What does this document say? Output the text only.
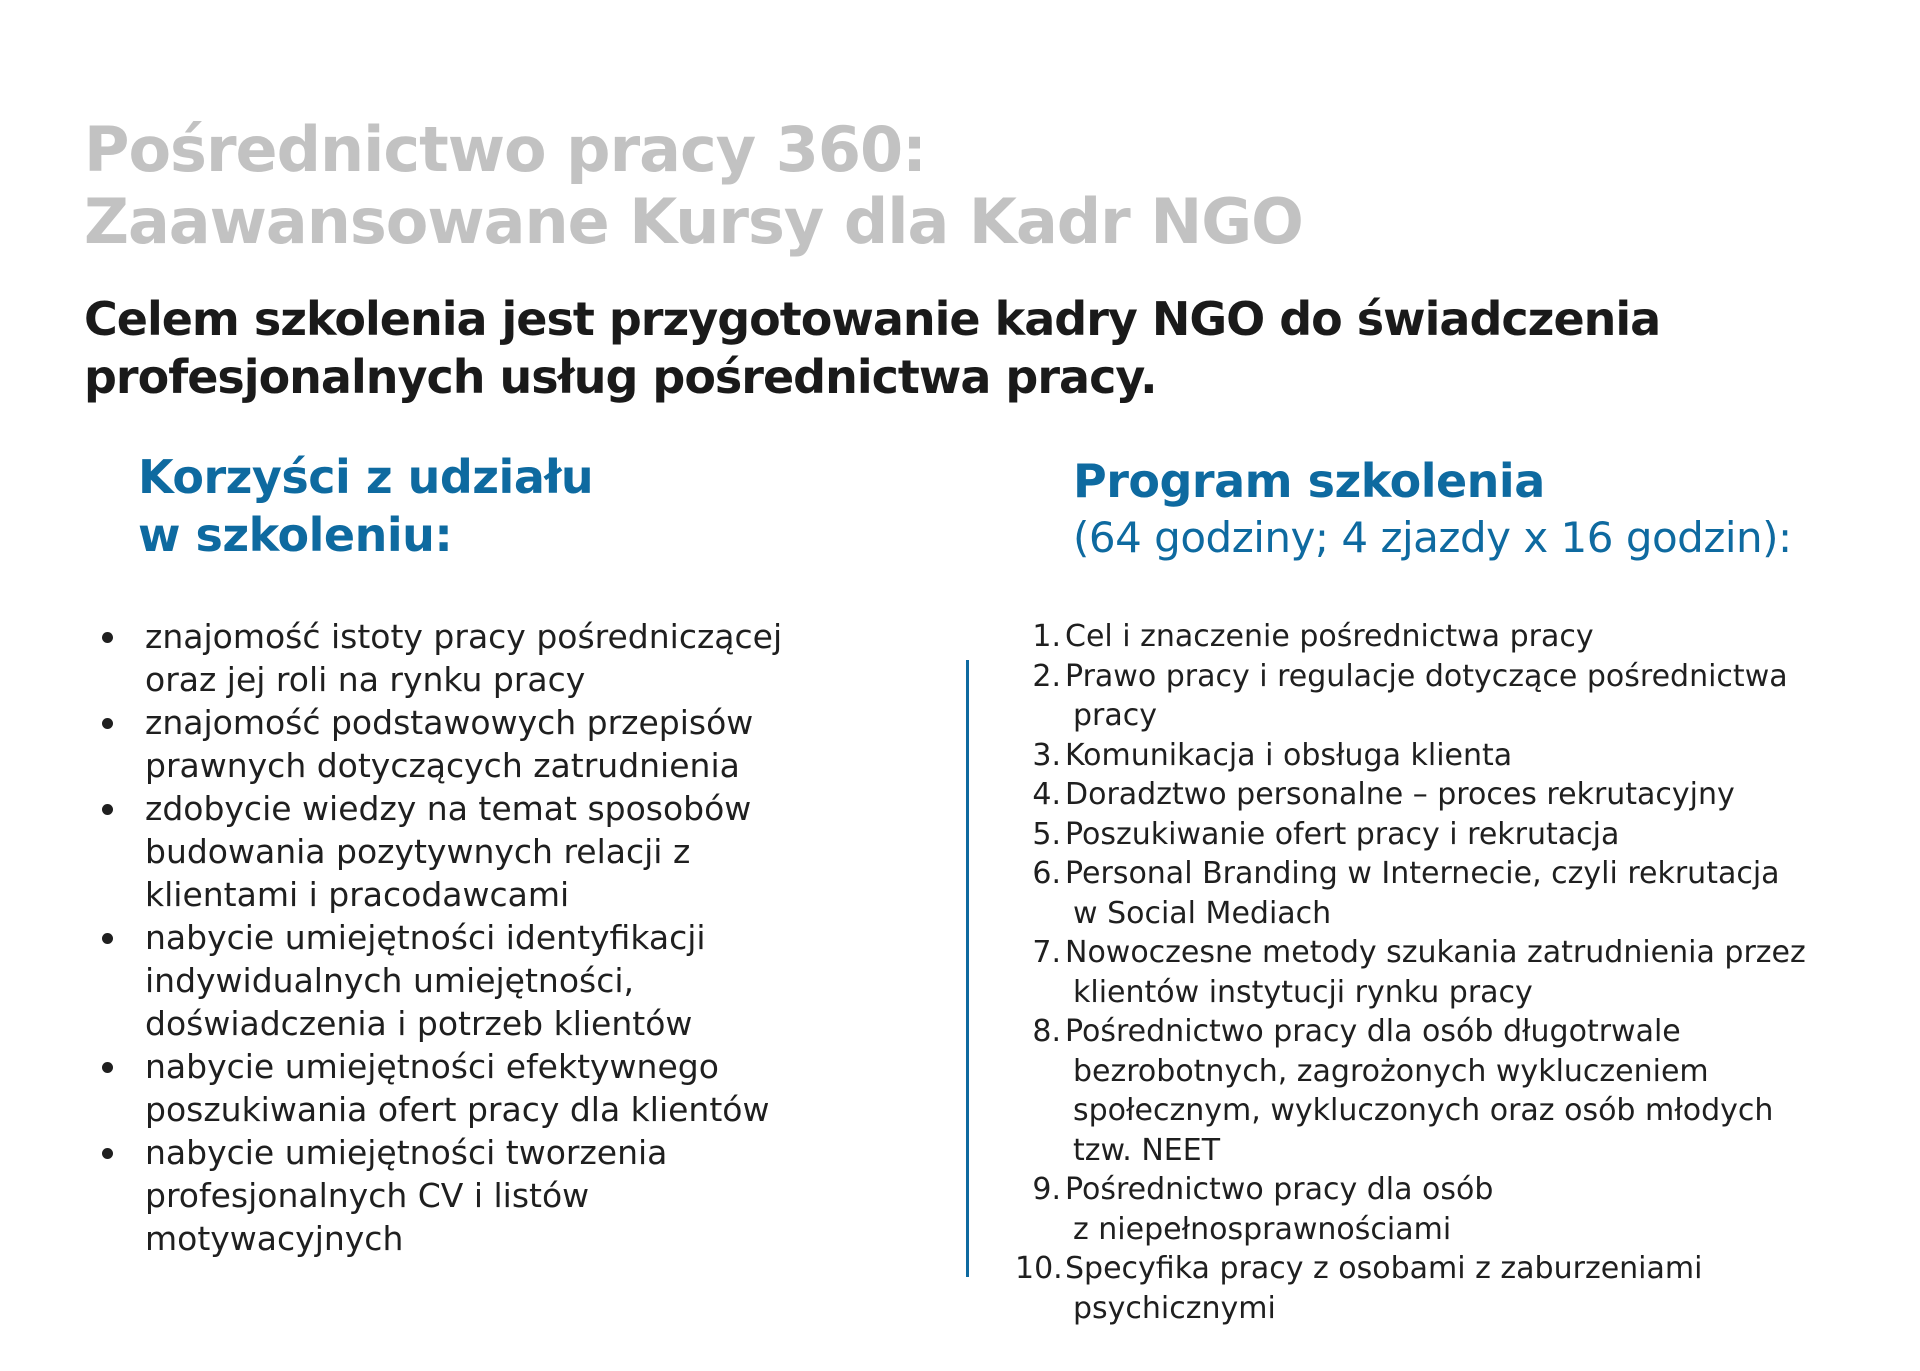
Pośrednictwo pracy 360:
Zaawansowane Kursy dla Kadr NGO
Celem szkolenia jest przygotowanie kadry NGO do świadczenia
profesjonalnych usług pośrednictwa pracy.
Korzyści z udziału
w szkoleniu:
Program szkolenia
(64 godziny; 4 zjazdy x 16 godzin):
znajomość istoty pracy pośredniczącej
oraz jej roli na rynku pracy
znajomość podstawowych przepisów
prawnych dotyczących zatrudnienia
zdobycie wiedzy na temat sposobów
budowania pozytywnych relacji z
klientami i pracodawcami
nabycie umiejętności identyfikacji
indywidualnych umiejętności,
doświadczenia i potrzeb klientów
nabycie umiejętności efektywnego
poszukiwania ofert pracy dla klientów
nabycie umiejętności tworzenia
profesjonalnych CV i listów
motywacyjnych
1. Cel i znaczenie pośrednictwa pracy
2. Prawo pracy i regulacje dotyczące pośrednictwa
pracy
3. Komunikacja i obsługa klienta
4. Doradztwo personalne – proces rekrutacyjny
5. Poszukiwanie ofert pracy i rekrutacja
6. Personal Branding w Internecie, czyli rekrutacja
w Social Mediach
7. Nowoczesne metody szukania zatrudnienia przez
klientów instytucji rynku pracy
8. Pośrednictwo pracy dla osób długotrwale
bezrobotnych, zagrożonych wykluczeniem
społecznym, wykluczonych oraz osób młodych
tzw. NEET
9. Pośrednictwo pracy dla osób
z niepełnosprawnościami
10. Specyfika pracy z osobami z zaburzeniami
psychicznymi
